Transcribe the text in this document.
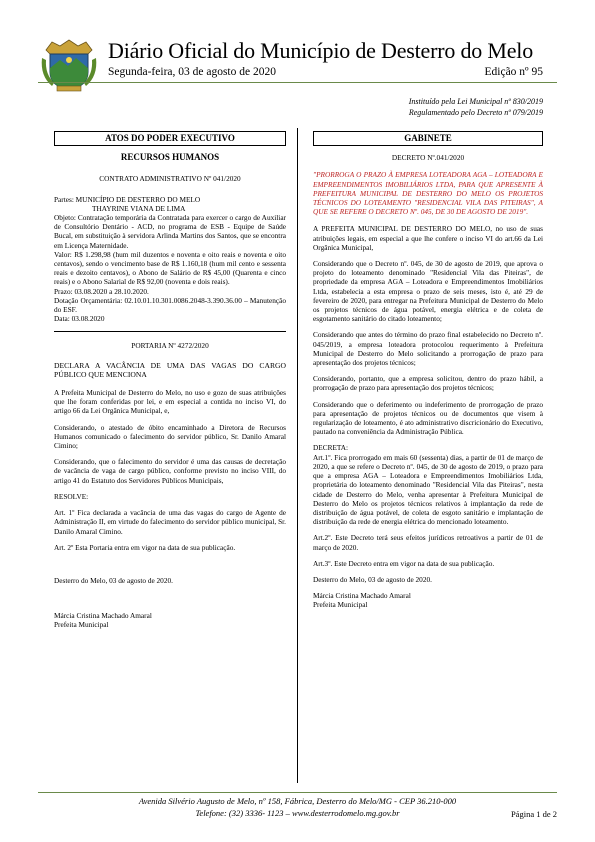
Diário Oficial do Município de Desterro do Melo
Segunda-feira, 03 de agosto de 2020	Edição nº 95
Instituído pela Lei Municipal nº 830/2019
Regulamentado pelo Decreto nº 079/2019
ATOS DO PODER EXECUTIVO
RECURSOS HUMANOS
CONTRATO ADMINISTRATIVO Nº 041/2020
Partes: MUNICÍPIO DE DESTERRO DO MELO
THAYRINE VIANA DE LIMA
Objeto: Contratação temporária da Contratada para exercer o cargo de Auxiliar de Consultório Dentário - ACD, no programa de ESB - Equipe de Saúde Bucal, em substituição à servidora Arlinda Martins dos Santos, que se encontra em Licença Maternidade.
Valor: R$ 1.298,98 (hum mil duzentos e noventa e oito reais e noventa e oito centavos), sendo o vencimento base de R$ 1.160,18 (hum mil cento e sessenta reais e dezoito centavos), o Abono de Salário de R$ 45,00 (Quarenta e cinco reais) e o Abono Salarial de R$ 92,00 (noventa e dois reais).
Prazo: 03.08.2020 a 28.10.2020.
Dotação Orçamentária: 02.10.01.10.301.0086.2048-3.390.36.00 – Manutenção do ESF.
Data: 03.08.2020
PORTARIA Nº 4272/2020
DECLARA A VACÂNCIA DE UMA DAS VAGAS DO CARGO PÚBLICO QUE MENCIONA
A Prefeita Municipal de Desterro do Melo, no uso e gozo de suas atribuições que lhe foram conferidas por lei, e em especial a contida no inciso VI, do artigo 66 da Lei Orgânica Municipal, e,
Considerando, o atestado de óbito encaminhado a Diretora de Recursos Humanos comunicado o falecimento do servidor público, Sr. Danilo Amaral Cimino;
Considerando, que o falecimento do servidor é uma das causas de decretação de vacância de vaga de cargo público, conforme previsto no inciso VIII, do artigo 41 do Estatuto dos Servidores Públicos Municipais,
RESOLVE:
Art. 1º Fica declarada a vacância de uma das vagas do cargo de Agente de Administração II, em virtude do falecimento do servidor público municipal, Sr. Danilo Amaral Cimino.
Art. 2º Esta Portaria entra em vigor na data de sua publicação.
Desterro do Melo, 03 de agosto de 2020.
Márcia Cristina Machado Amaral
Prefeita Municipal
GABINETE
DECRETO Nº.041/2020
"PRORROGA O PRAZO À EMPRESA LOTEADORA AGA – LOTEADORA E EMPREENDIMENTOS IMOBILIÁRIOS LTDA, PARA QUE APRESENTE À PREFEITURA MUNICIPAL DE DESTERRO DO MELO OS PROJETOS TÉCNICOS DO LOTEAMENTO "RESIDENCIAL VILA DAS PITEIRAS", A QUE SE REFERE O DECRETO Nº. 045, DE 30 DE AGOSTO DE 2019".
A PREFEITA MUNICIPAL DE DESTERRO DO MELO, no uso de suas atribuições legais, em especial a que lhe confere o inciso VI do art.66 da Lei Orgânica Municipal,
Considerando que o Decreto nº. 045, de 30 de agosto de 2019, que aprova o projeto do loteamento denominado "Residencial Vila das Piteiras", de propriedade da empresa AGA – Loteadora e Empreendimentos Imobiliários Ltda, estabelecia a esta empresa o prazo de seis meses, isto é, até 29 de fevereiro de 2020, para entregar na Prefeitura Municipal de Desterro do Melo os projetos técnicos de água potável, energia elétrica e de coleta de esgotamento sanitário do citado loteamento;
Considerando que antes do término do prazo final estabelecido no Decreto nº. 045/2019, a empresa loteadora protocolou requerimento à Prefeitura Municipal de Desterro do Melo solicitando a prorrogação de prazo para apresentação dos projetos técnicos;
Considerando, portanto, que a empresa solicitou, dentro do prazo hábil, a prorrogação de prazo para apresentação dos projetos técnicos;
Considerando que o deferimento ou indeferimento de prorrogação de prazo para apresentação de projetos técnicos ou de documentos que visem à regularização de loteamento, é ato administrativo discricionário do Executivo, pautado na conveniência da Administração Pública.
DECRETA:
Art.1º. Fica prorrogado em mais 60 (sessenta) dias, a partir de 01 de março de 2020, a que se refere o Decreto nº. 045, de 30 de agosto de 2019, o prazo para que a empresa AGA – Loteadora e Empreendimentos Imobiliários Ltda, proprietária do loteamento denominado "Residencial Vila das Piteiras", nesta cidade de Desterro do Melo, venha apresentar à Prefeitura Municipal de Desterro do Melo os projetos técnicos relativos à implantação da rede de distribuição de água potável, de coleta de esgoto sanitário e implantação de distribuição da rede de energia elétrica do mencionado loteamento.
Art.2º. Este Decreto terá seus efeitos jurídicos retroativos a partir de 01 de março de 2020.
Art.3º. Este Decreto entra em vigor na data de sua publicação.
Desterro do Melo, 03 de agosto de 2020.
Márcia Cristina Machado Amaral
Prefeita Municipal
Avenida Silvério Augusto de Melo, nº 158, Fábrica, Desterro do Melo/MG - CEP 36.210-000
Telefone: (32) 3336- 1123 – www.desterrodomelo.mg.gov.br	Página 1 de 2
